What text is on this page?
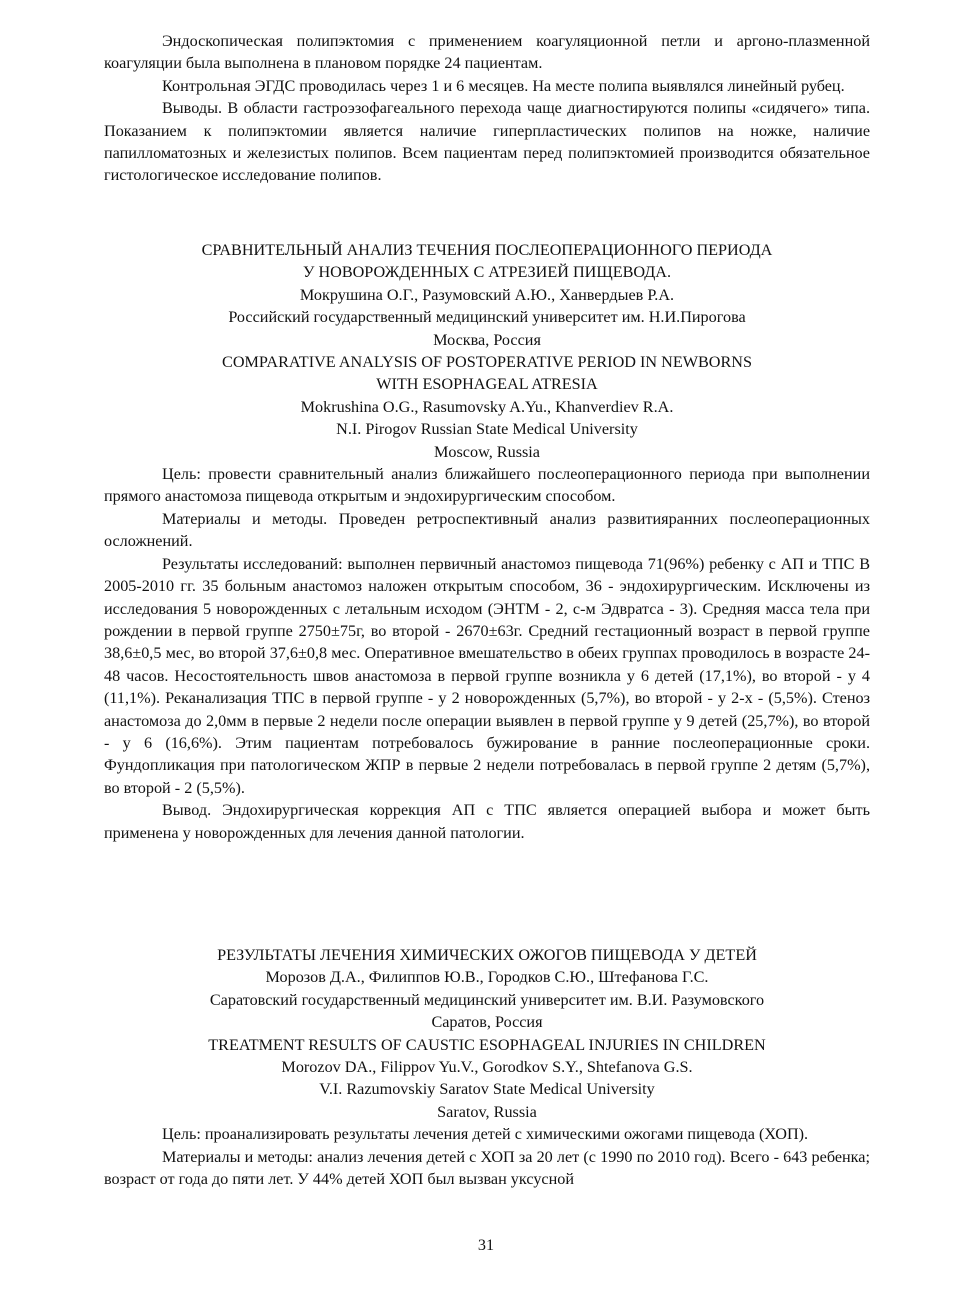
Эндоскопическая полипэктомия с применением коагуляционной петли и аргоно-плазменной коагуляции была выполнена в плановом порядке 24 пациентам.

Контрольная ЭГДС проводилась через 1 и 6 месяцев. На месте полипа выявлялся линейный рубец.

Выводы. В области гастроэзофагеального перехода чаще диагностируются полипы «сидячего» типа. Показанием к полипэктомии является наличие гиперпластических полипов на ножке, наличие папилломатозных и железистых полипов. Всем пациентам перед полипэктомией производится обязательное гистологическое исследование полипов.

СРАВНИТЕЛЬНЫЙ АНАЛИЗ ТЕЧЕНИЯ ПОСЛЕОПЕРАЦИОННОГО ПЕРИОДА

У НОВОРОЖДЕННЫХ С АТРЕЗИЕЙ ПИЩЕВОДА.

Мокрушина О.Г., Разумовский А.Ю., Ханвердыев Р.А.

Российский государственный медицинский университет им. Н.И.Пирогова

Москва, Россия

COMPARATIVE ANALYSIS OF POSTOPERATIVE PERIOD IN NEWBORNS

WITH ESOPHAGEAL ATRESIA

Mokrushina O.G., Rasumovsky A.Yu., Khanverdiev R.A.

N.I. Pirogov Russian State Medical University

Moscow, Russia

Цель: провести сравнительный анализ ближайшего послеоперационного периода при выполнении прямого анастомоза пищевода открытым и эндохирургическим способом.

Материалы и методы. Проведен ретроспективный анализ развитияранних послеоперационных осложнений.

Результаты исследований: выполнен первичный анастомоз пищевода 71(96%) ребенку с АП и ТПС В 2005-2010 гг. 35 больным анастомоз наложен открытым способом, 36 - эндохирургическим. Исключены из исследования 5 новорожденных с летальным исходом (ЭНТМ - 2, с-м Эдвратса - 3). Средняя масса тела при рождении в первой группе 2750±75г, во второй - 2670±63г. Средний гестационный возраст в первой группе 38,6±0,5 мес, во второй 37,6±0,8 мес. Оперативное вмешательство в обеих группах проводилось в возрасте 24-48 часов. Несостоятельность швов анастомоза в первой группе возникла у 6 детей (17,1%), во второй - у 4 (11,1%). Реканализация ТПС в первой группе - у 2 новорожденных (5,7%), во второй - у 2-х - (5,5%). Стеноз анастомоза до 2,0мм в первые 2 недели после операции выявлен в первой группе у 9 детей (25,7%), во второй - у 6 (16,6%). Этим пациентам потребовалось бужирование в ранние послеоперационные сроки. Фундопликация при патологическом ЖПР в первые 2 недели потребовалась в первой группе 2 детям (5,7%), во второй - 2 (5,5%).

Вывод. Эндохирургическая коррекция АП с ТПС является операцией выбора и может быть применена у новорожденных для лечения данной патологии.

РЕЗУЛЬТАТЫ ЛЕЧЕНИЯ ХИМИЧЕСКИХ ОЖОГОВ ПИЩЕВОДА У ДЕТЕЙ

Морозов Д.А., Филиппов Ю.В., Городков С.Ю., Штефанова Г.С.

Саратовский государственный медицинский университет им. В.И. Разумовского

Саратов, Россия

TREATMENT RESULTS OF CAUSTIC ESOPHAGEAL INJURIES IN CHILDREN

Morozov DA., Filippov Yu.V., Gorodkov S.Y., Shtefanova G.S.

V.I. Razumovskiy Saratov State Medical University

Saratov, Russia

Цель: проанализировать результаты лечения детей с химическими ожогами пищевода (ХОП).

Материалы и методы: анализ лечения детей с ХОП за 20 лет (с 1990 по 2010 год). Всего - 643 ребенка; возраст от года до пяти лет. У 44% детей ХОП был вызван уксусной

31
